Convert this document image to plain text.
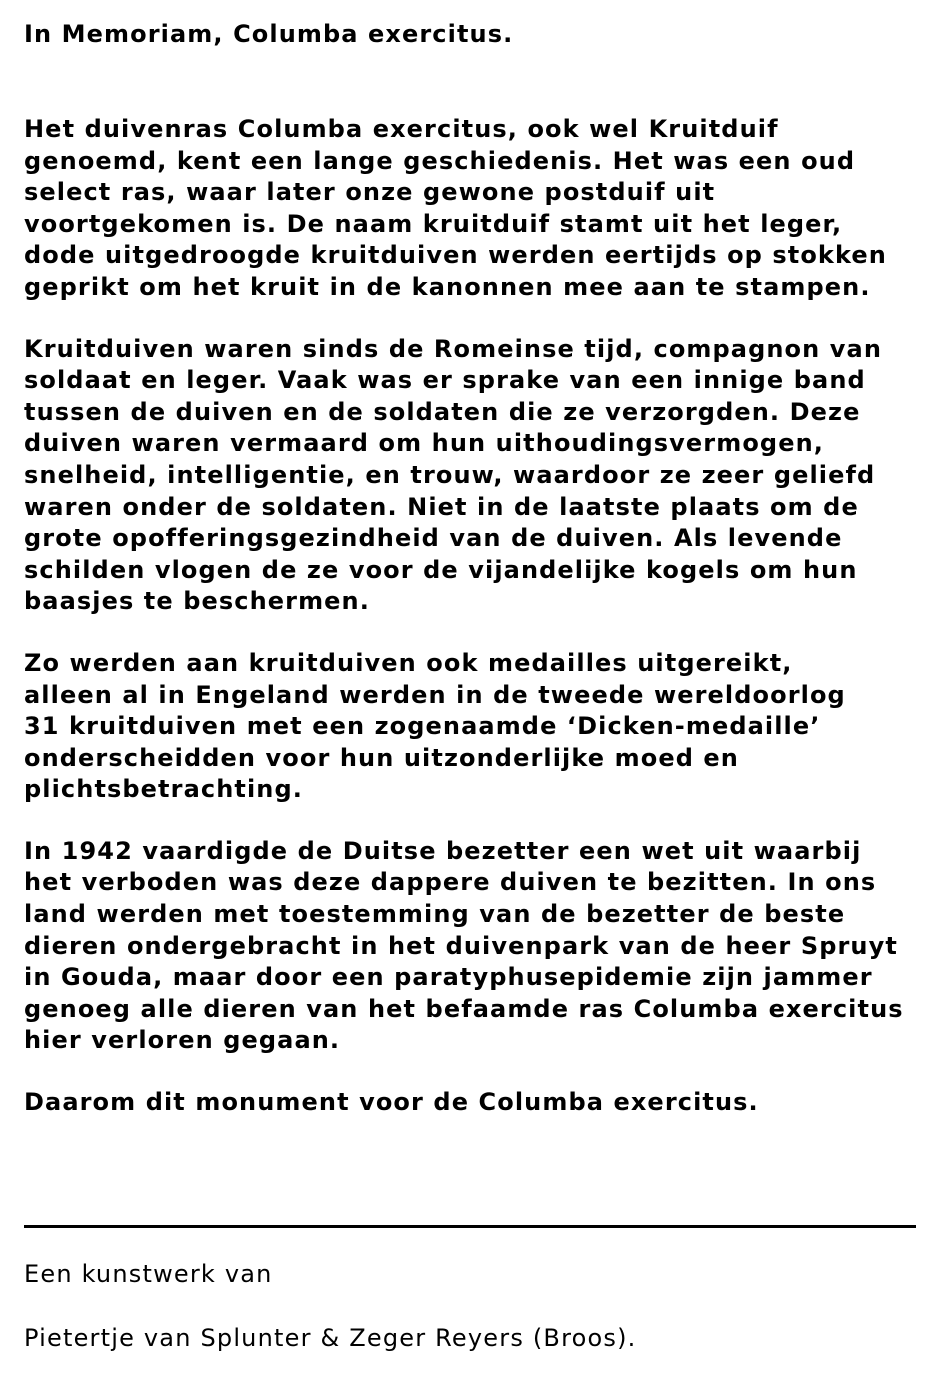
In Memoriam, Columba exercitus.
Het duivenras Columba exercitus, ook wel Kruitduif
genoemd, kent een lange geschiedenis. Het was een oud
select ras, waar later onze gewone postduif uit
voortgekomen is. De naam kruitduif stamt uit het leger,
dode uitgedroogde kruitduiven werden eertijds op stokken
geprikt om het kruit in de kanonnen mee aan te stampen.
Kruitduiven waren sinds de Romeinse tijd, compagnon van
soldaat en leger. Vaak was er sprake van een innige band
tussen de duiven en de soldaten die ze verzorgden. Deze
duiven waren vermaard om hun uithoudingsvermogen,
snelheid, intelligentie, en trouw, waardoor ze zeer geliefd
waren onder de soldaten. Niet in de laatste plaats om de
grote opofferingsgezindheid van de duiven. Als levende
schilden vlogen de ze voor de vijandelijke kogels om hun
baasjes te beschermen.
Zo werden aan kruitduiven ook medailles uitgereikt,
alleen al in Engeland werden in de tweede wereldoorlog
31 kruitduiven met een zogenaamde ‘Dicken-medaille’
onderscheidden voor hun uitzonderlijke moed en
plichtsbetrachting.
In 1942 vaardigde de Duitse bezetter een wet uit waarbij
het verboden was deze dappere duiven te bezitten. In ons
land werden met toestemming van de bezetter de beste
dieren ondergebracht in het duivenpark van de heer Spruyt
in Gouda, maar door een paratyphusepidemie zijn jammer
genoeg alle dieren van het befaamde ras Columba exercitus
hier verloren gegaan.
Daarom dit monument voor de Columba exercitus.
Een kunstwerk van
Pietertje van Splunter & Zeger Reyers (Broos).
